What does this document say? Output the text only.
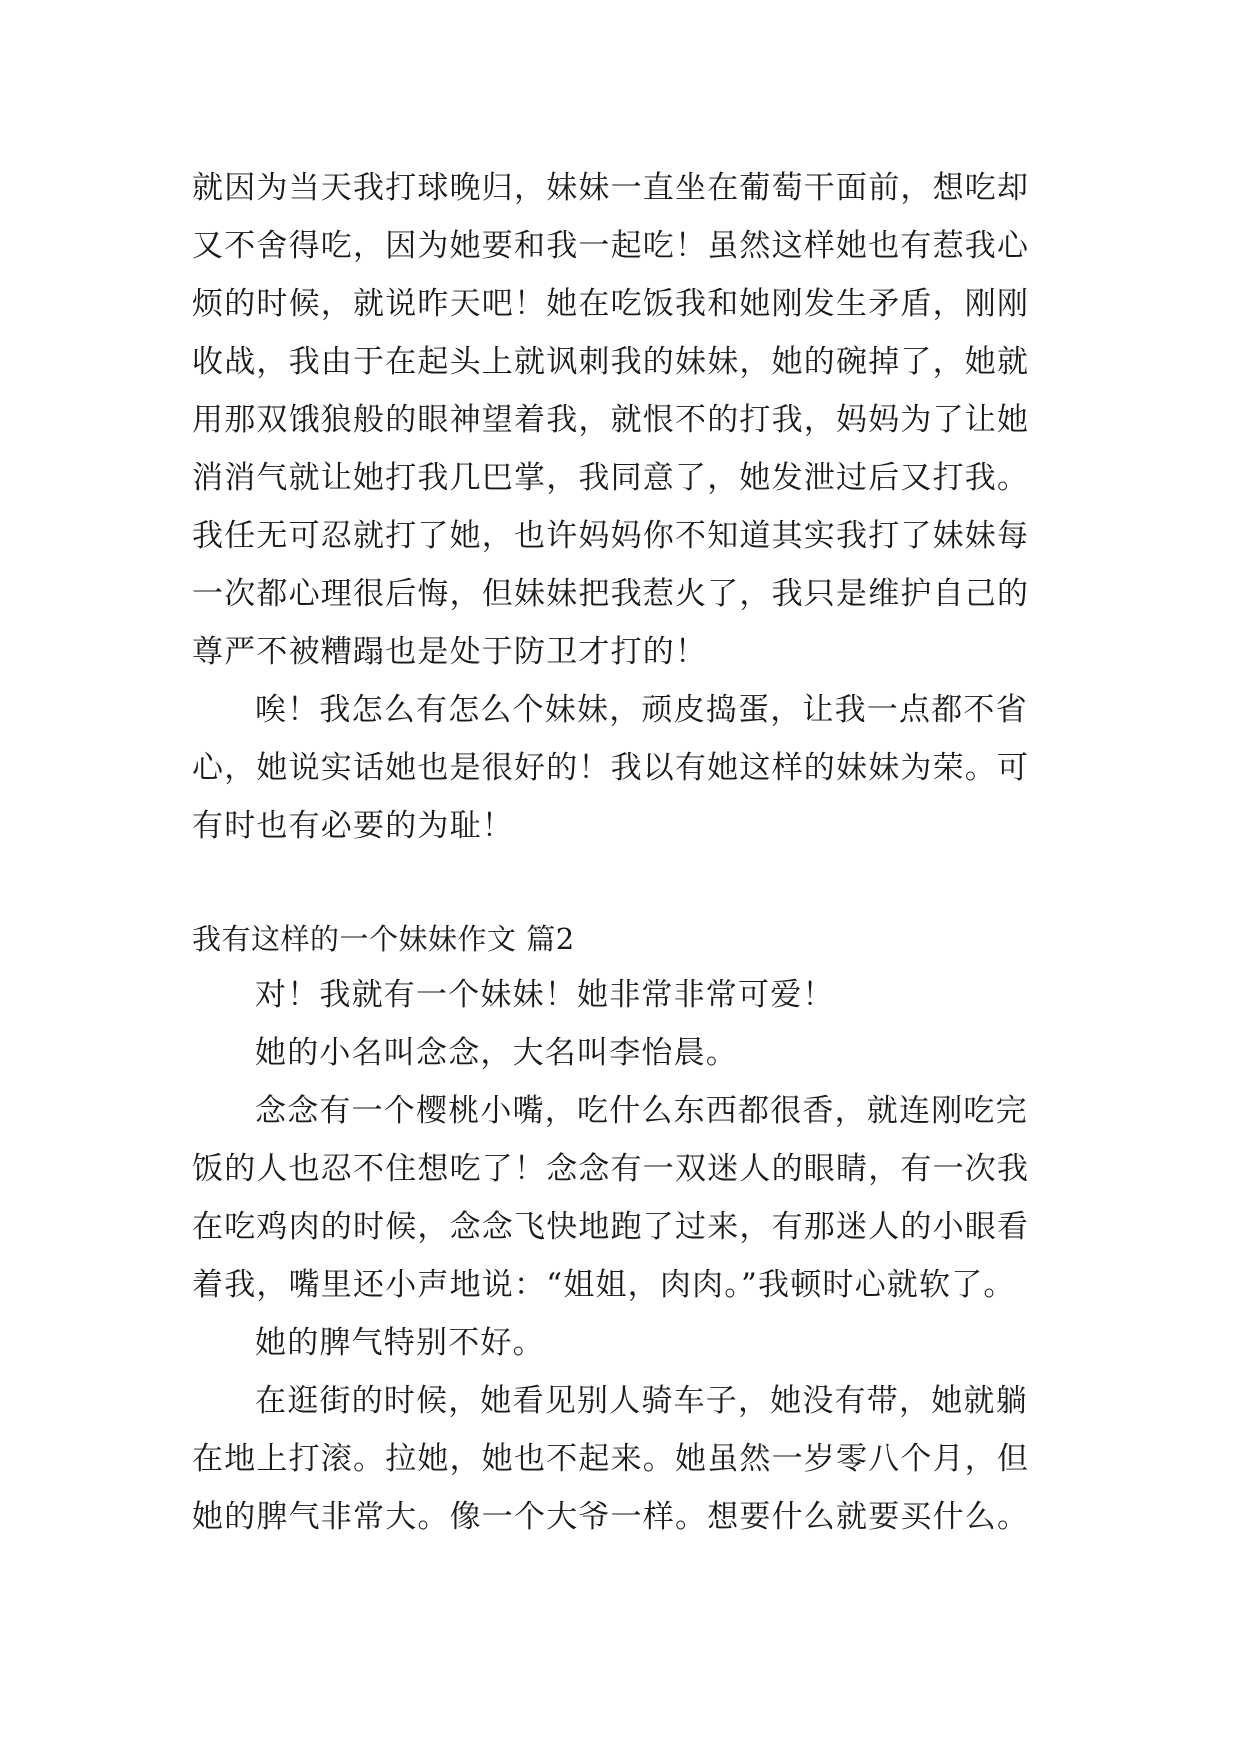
就因为当天我打球晚归，妹妹一直坐在葡萄干面前，想吃却
又不舍得吃，因为她要和我一起吃！虽然这样她也有惹我心
烦的时候，就说昨天吧！她在吃饭我和她刚发生矛盾，刚刚
收战，我由于在起头上就讽刺我的妹妹，她的碗掉了，她就
用那双饿狼般的眼神望着我，就恨不的打我，妈妈为了让她
消消气就让她打我几巴掌，我同意了，她发泄过后又打我。
我任无可忍就打了她，也许妈妈你不知道其实我打了妹妹每
一次都心理很后悔，但妹妹把我惹火了，我只是维护自己的
尊严不被糟蹋也是处于防卫才打的！
唉！我怎么有怎么个妹妹，顽皮捣蛋，让我一点都不省
心，她说实话她也是很好的！我以有她这样的妹妹为荣。可
有时也有必要的为耻！
我有这样的一个妹妹作文 篇2
对！我就有一个妹妹！她非常非常可爱！
她的小名叫念念，大名叫李怡晨。
念念有一个樱桃小嘴，吃什么东西都很香，就连刚吃完
饭的人也忍不住想吃了！念念有一双迷人的眼睛，有一次我
在吃鸡肉的时候，念念飞快地跑了过来，有那迷人的小眼看
着我，嘴里还小声地说：“姐姐，肉肉。”我顿时心就软了。
她的脾气特别不好。
在逛街的时候，她看见别人骑车子，她没有带，她就躺
在地上打滚。拉她，她也不起来。她虽然一岁零八个月，但
她的脾气非常大。像一个大爷一样。想要什么就要买什么。
